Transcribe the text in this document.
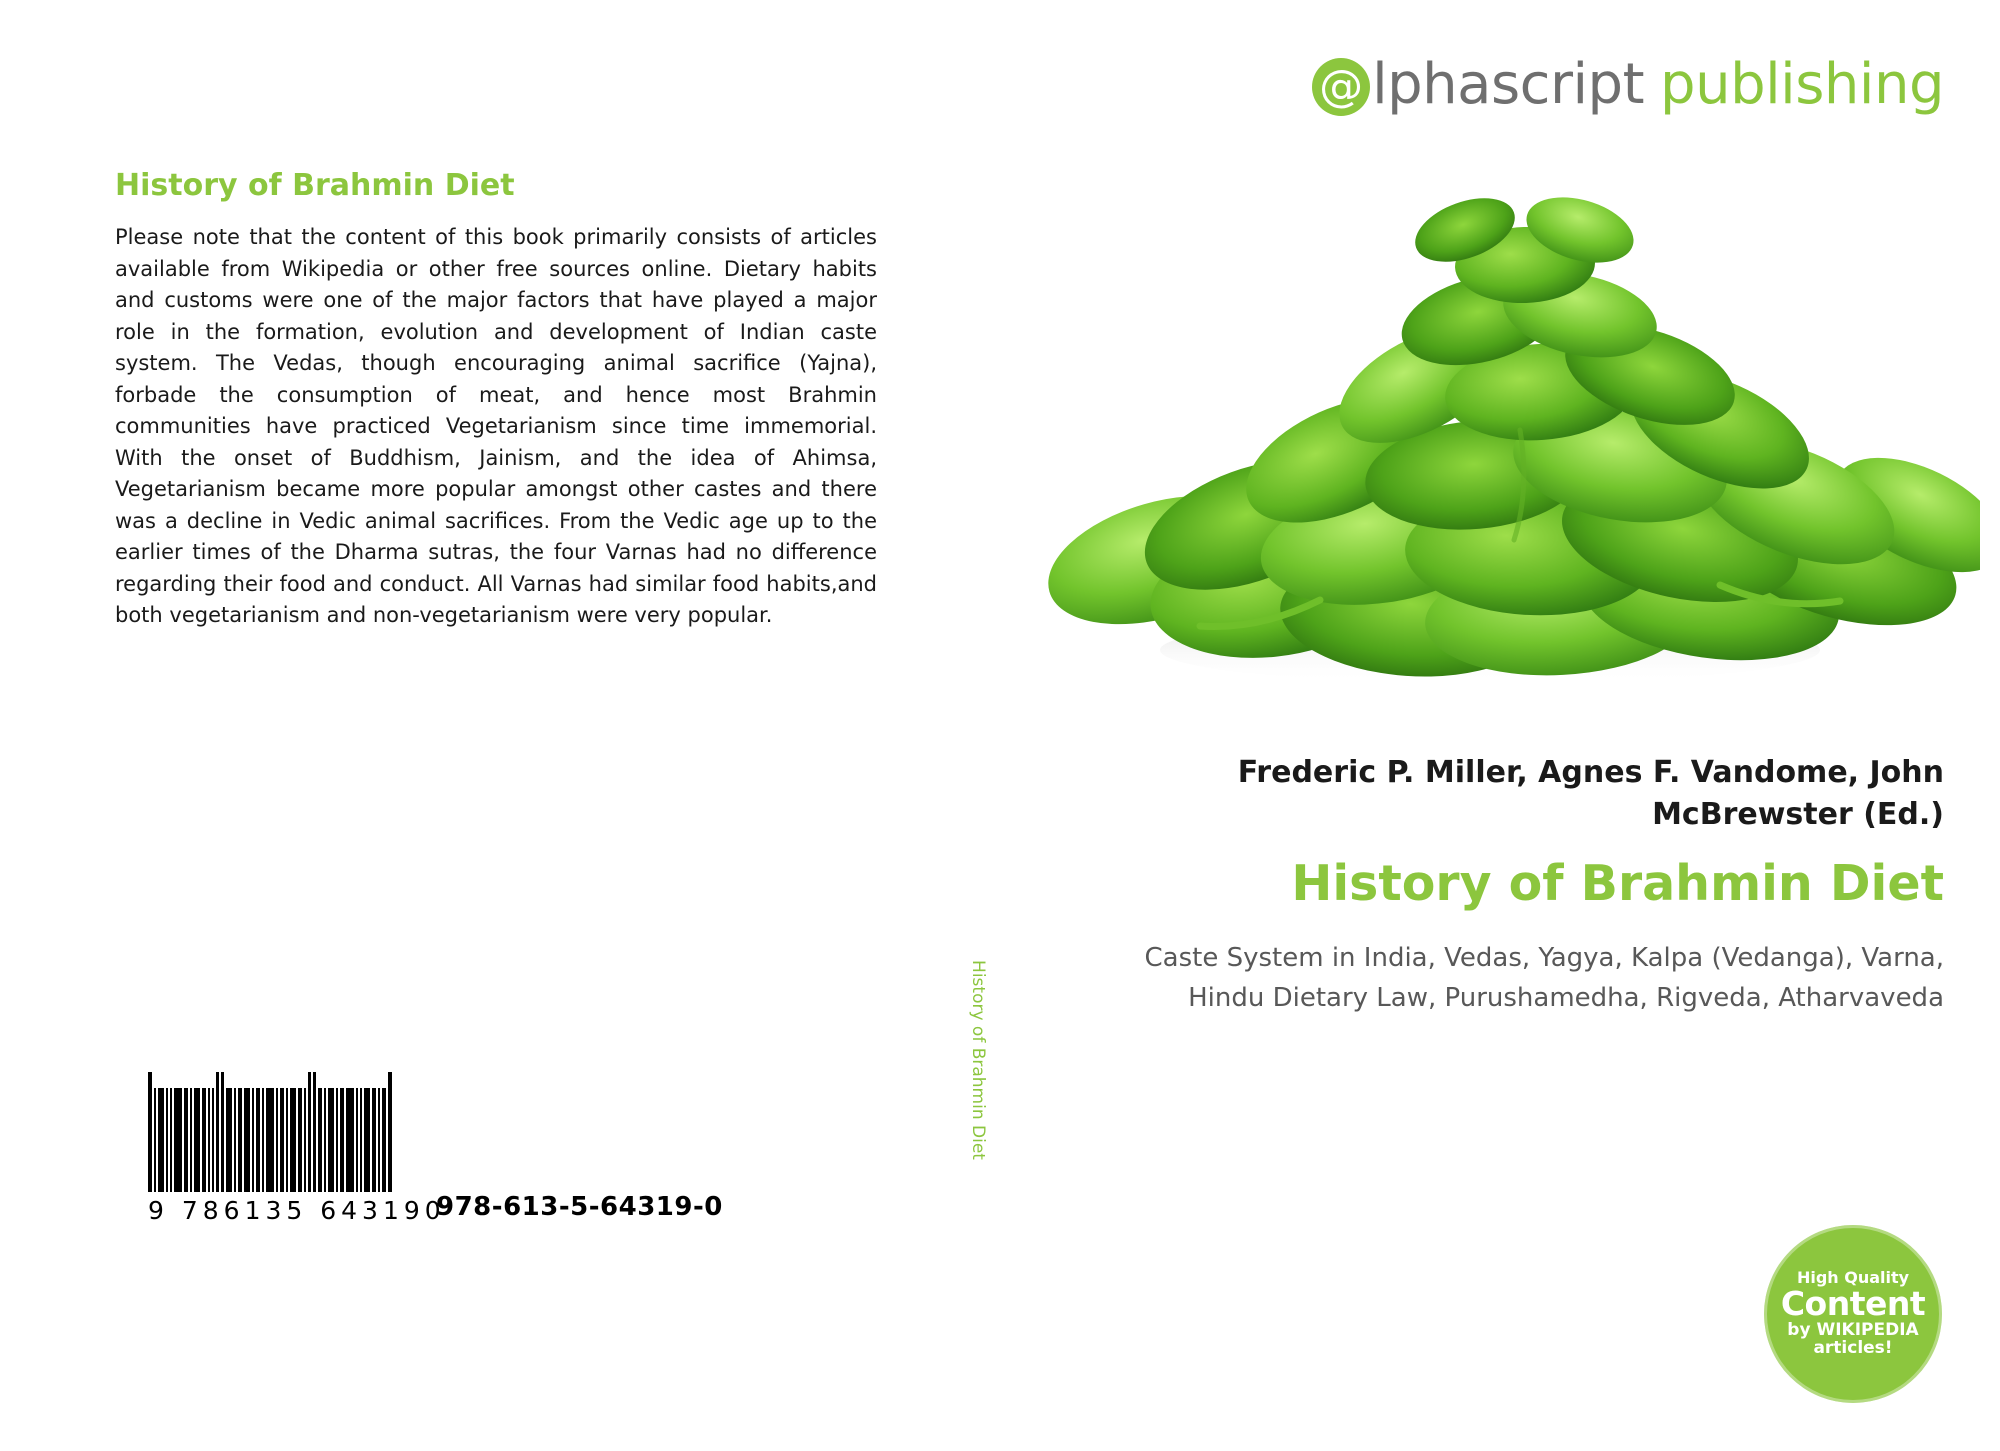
@ lphascript publishing
History of Brahmin Diet
Please note that the content of this book primarily consists of articles available from Wikipedia or other free sources online. Dietary habits and customs were one of the major factors that have played a major role in the formation, evolution and development of Indian caste system. The Vedas, though encouraging animal sacrifice (Yajna), forbade the consumption of meat, and hence most Brahmin communities have practiced Vegetarianism since time immemorial. With the onset of Buddhism, Jainism, and the idea of Ahimsa, Vegetarianism became more popular amongst other castes and there was a decline in Vedic animal sacrifices. From the Vedic age up to the earlier times of the Dharma sutras, the four Varnas had no difference regarding their food and conduct. All Varnas had similar food habits,and both vegetarianism and non-vegetarianism were very popular.
9 786135 643190
978-613-5-64319-0
History of Brahmin Diet
Frederic P. Miller, Agnes F. Vandome, John McBrewster (Ed.)
History of Brahmin Diet
Caste System in India, Vedas, Yagya, Kalpa (Vedanga), Varna, Hindu Dietary Law, Purushamedha, Rigveda, Atharvaveda
High Quality
Content
by WIKIPEDIA
articles!
